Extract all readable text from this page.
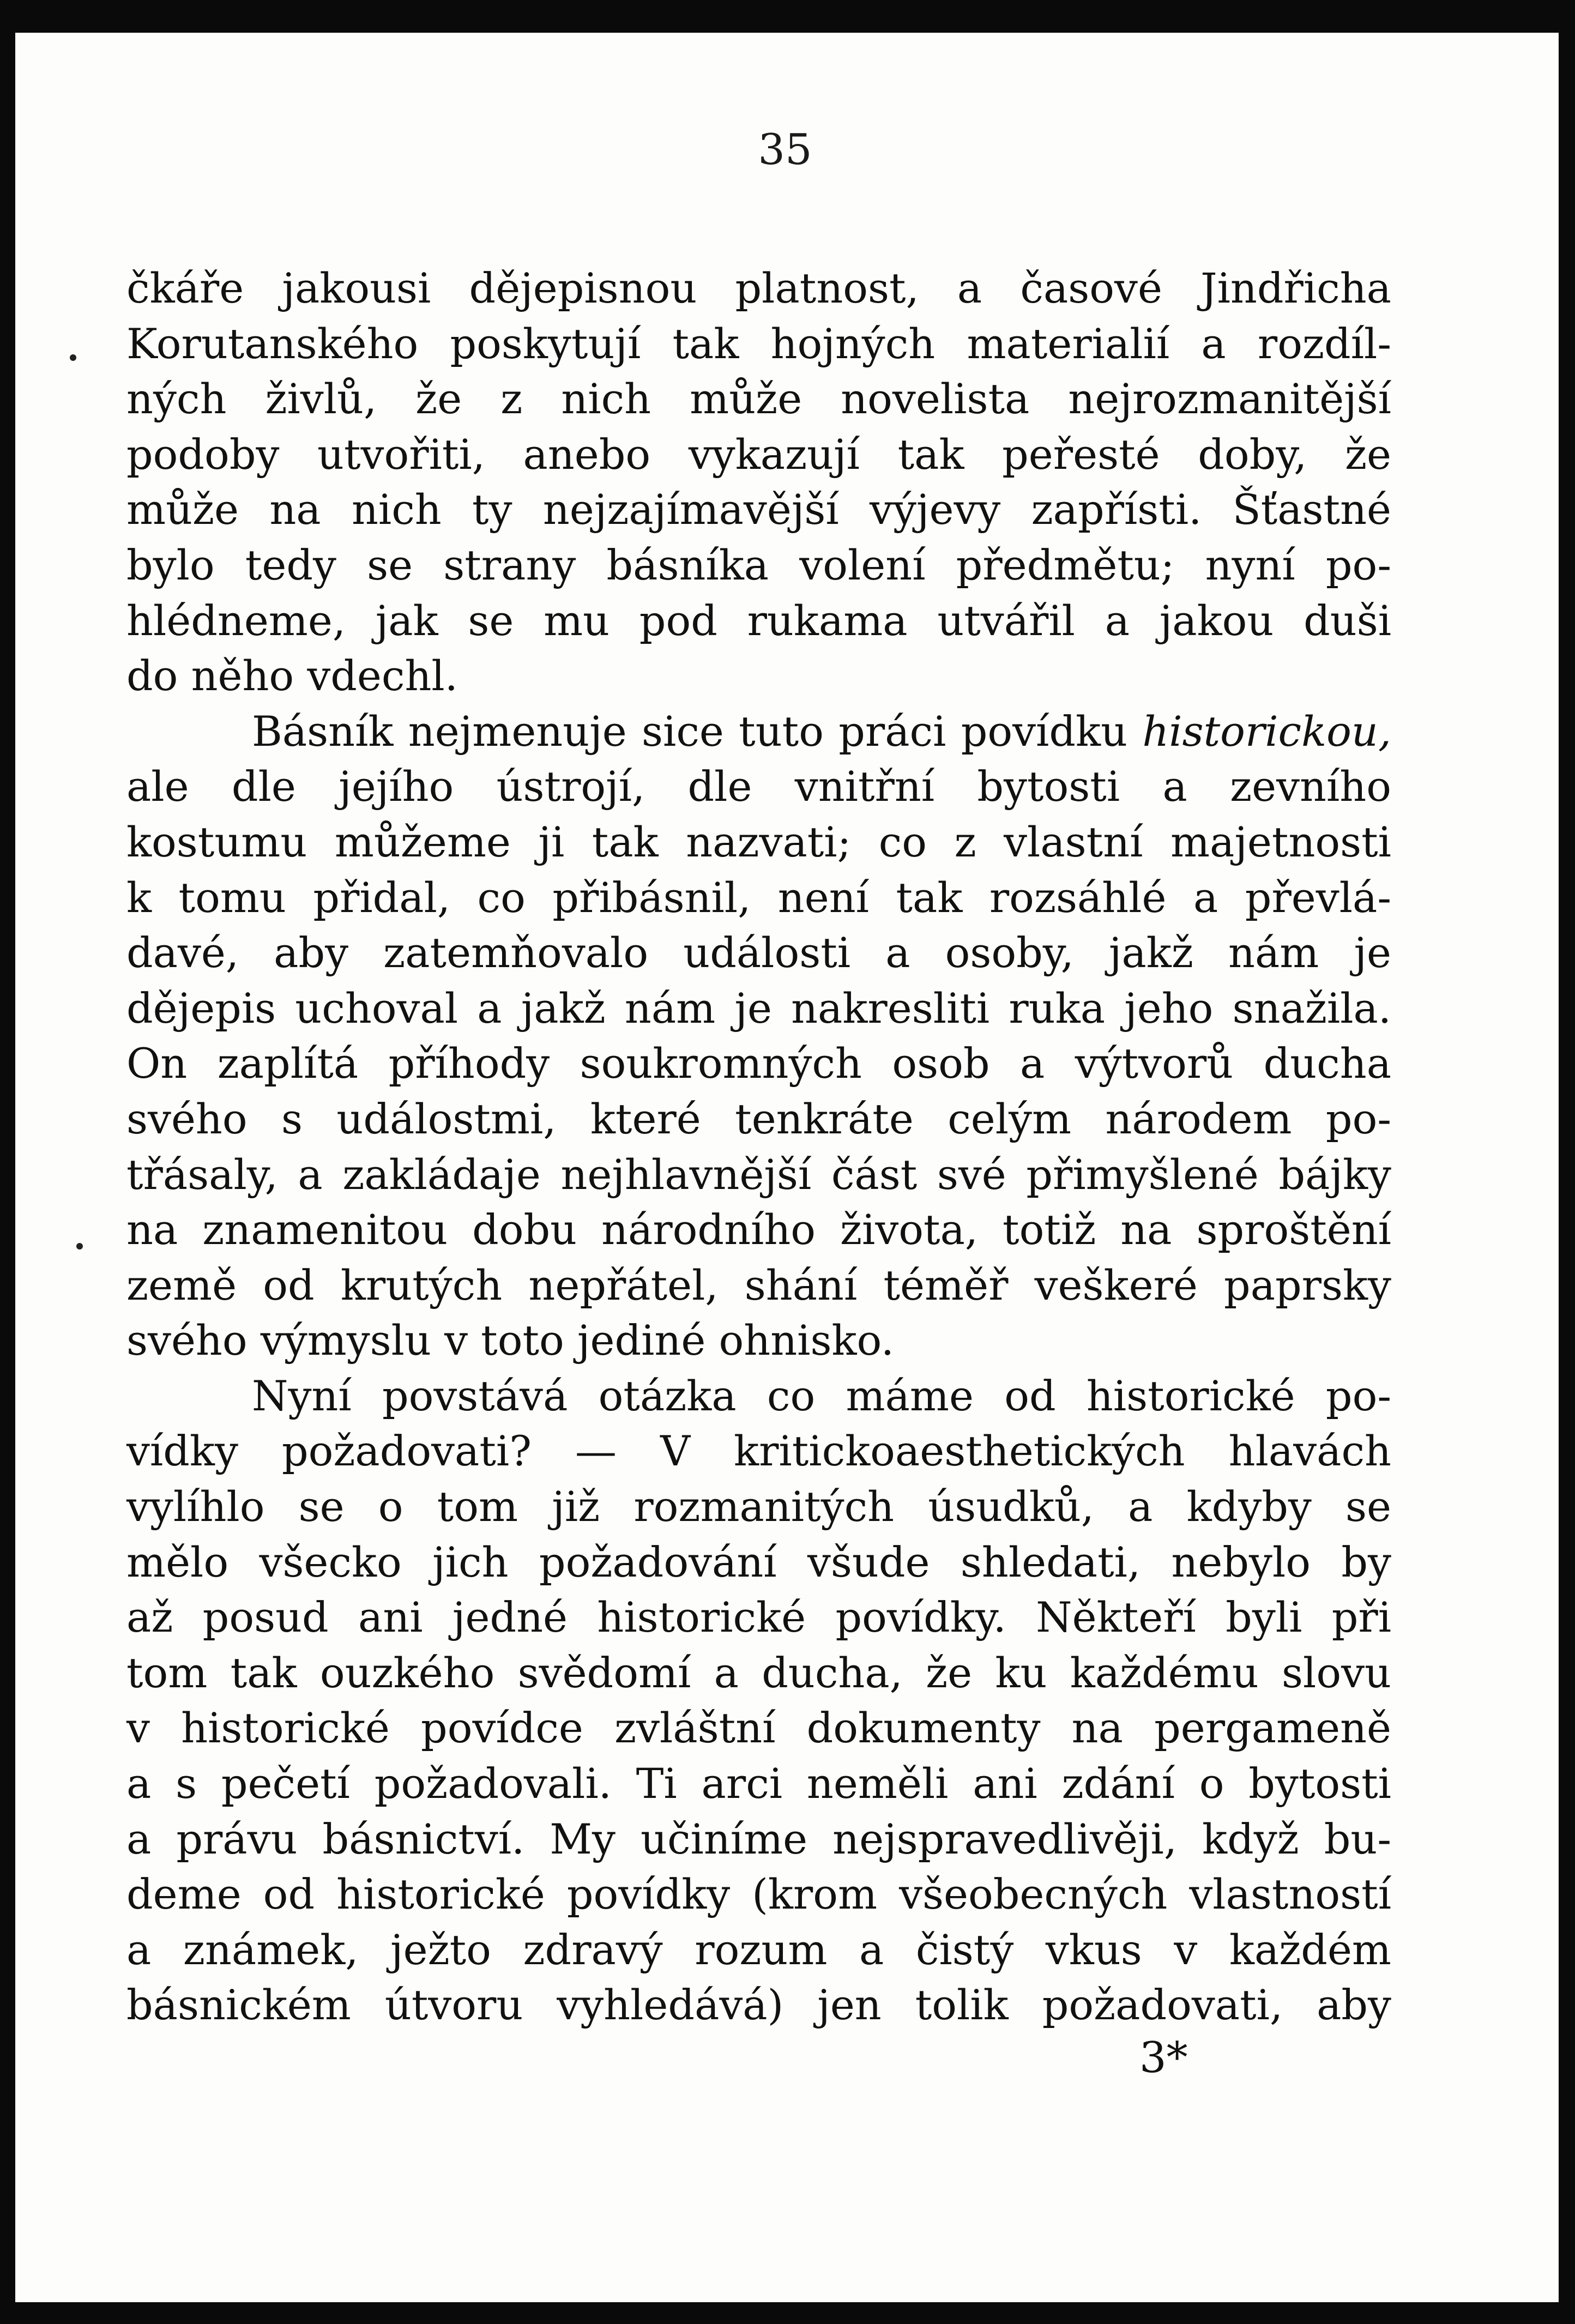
35
čkáře jakousi dějepisnou platnost, a časové Jindřicha
Korutanského poskytují tak hojných materialií a rozdíl-
ných živlů, že z nich může novelista nejrozmanitější
podoby utvořiti, anebo vykazují tak peřesté doby, že
může na nich ty nejzajímavější výjevy zapřísti. Šťastné
bylo tedy se strany básníka volení předmětu; nyní po-
hlédneme, jak se mu pod rukama utvářil a jakou duši
do něho vdechl.
Básník nejmenuje sice tuto práci povídku historickou,
ale dle jejího ústrojí, dle vnitřní bytosti a zevního
kostumu můžeme ji tak nazvati; co z vlastní majetnosti
k tomu přidal, co přibásnil, není tak rozsáhlé a převlá-
davé, aby zatemňovalo události a osoby, jakž nám je
dějepis uchoval a jakž nám je nakresliti ruka jeho snažila.
On zaplítá příhody soukromných osob a výtvorů ducha
svého s událostmi, které tenkráte celým národem po-
třásaly, a zakládaje nejhlavnější část své přimyšlené bájky
na znamenitou dobu národního života, totiž na sproštění
země od krutých nepřátel, shání téměř veškeré paprsky
svého výmyslu v toto jediné ohnisko.
Nyní povstává otázka co máme od historické po-
vídky požadovati? — V kritickoaesthetických hlavách
vylíhlo se o tom již rozmanitých úsudků, a kdyby se
mělo všecko jich požadování všude shledati, nebylo by
až posud ani jedné historické povídky. Někteří byli při
tom tak ouzkého svědomí a ducha, že ku každému slovu
v historické povídce zvláštní dokumenty na pergameně
a s pečetí požadovali. Ti arci neměli ani zdání o bytosti
a právu básnictví. My učiníme nejspravedlivěji, když bu-
deme od historické povídky (krom všeobecných vlastností
a známek, ježto zdravý rozum a čistý vkus v každém
básnickém útvoru vyhledává) jen tolik požadovati, aby
3*
